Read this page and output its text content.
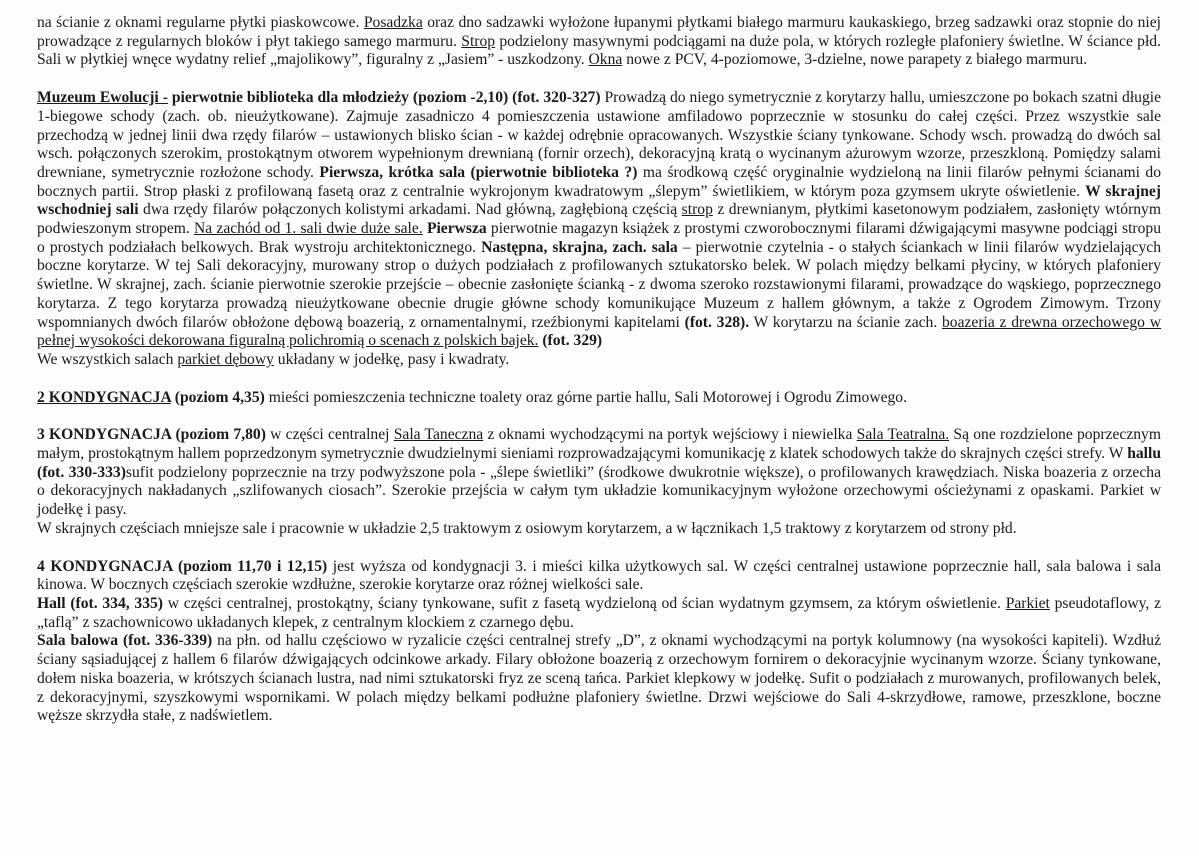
na ścianie z oknami regularne płytki piaskowcowe. Posadzka oraz dno sadzawki wyłożone łupanymi płytkami białego marmuru kaukaskiego, brzeg sadzawki oraz stopnie do niej prowadzące z regularnych bloków i płyt takiego samego marmuru. Strop podzielony masywnymi podciągami na duże pola, w których rozległe plafoniery świetlne. W ściance płd. Sali w płytkiej wnęce wydatny relief „majolikowy”, figuralny z „Jasiem” - uszkodzony. Okna nowe z PCV, 4-poziomowe, 3-dzielne, nowe parapety z białego marmuru.

Muzeum Ewolucji - pierwotnie biblioteka dla młodzieży (poziom -2,10) (fot. 320-327) Prowadzą do niego symetrycznie z korytarzy hallu, umieszczone po bokach szatni długie 1-biegowe schody (zach. ob. nieużytkowane). Zajmuje zasadniczo 4 pomieszczenia ustawione amfiladowo poprzecznie w stosunku do całej części. Przez wszystkie sale przechodzą w jednej linii dwa rzędy filarów – ustawionych blisko ścian - w każdej odrębnie opracowanych. Wszystkie ściany tynkowane. Schody wsch. prowadzą do dwóch sal wsch. połączonych szerokim, prostokątnym otworem wypełnionym drewnianą (fornir orzech), dekoracyjną kratą o wycinanym ażurowym wzorze, przeszkloną. Pomiędzy salami drewniane, symetrycznie rozłożone schody. Pierwsza, krótka sala (pierwotnie biblioteka ?) ma środkową część oryginalnie wydzieloną na linii filarów pełnymi ścianami do bocznych partii. Strop płaski z profilowaną fasetą oraz z centralnie wykrojonym kwadratowym „ślepym” świetlikiem, w którym poza gzymsem ukryte oświetlenie. W skrajnej wschodniej sali dwa rzędy filarów połączonych kolistymi arkadami. Nad główną, zagłębioną częścią strop z drewnianym, płytkimi kasetonowym podziałem, zasłonięty wtórnym podwieszonym stropem. Na zachód od 1. sali dwie duże sale. Pierwsza pierwotnie magazyn książek z prostymi czworobocznymi filarami dźwigającymi masywne podciągi stropu o prostych podziałach belkowych. Brak wystroju architektonicznego. Następna, skrajna, zach. sala – pierwotnie czytelnia - o stałych ściankach w linii filarów wydzielających boczne korytarze. W tej Sali dekoracyjny, murowany strop o dużych podziałach z profilowanych sztukatorsko belek. W polach między belkami płyciny, w których plafoniery świetlne. W skrajnej, zach. ścianie pierwotnie szerokie przejście – obecnie zasłonięte ścianką - z dwoma szeroko rozstawionymi filarami, prowadzące do wąskiego, poprzecznego korytarza. Z tego korytarza prowadzą nieużytkowane obecnie drugie główne schody komunikujące Muzeum z hallem głównym, a także z Ogrodem Zimowym. Trzony wspomnianych dwóch filarów obłożone dębową boazerią, z ornamentalnymi, rzeźbionymi kapitelami (fot. 328). W korytarzu na ścianie zach. boazeria z drewna orzechowego w pełnej wysokości dekorowana figuralną polichromią o scenach z polskich bajek. (fot. 329)

We wszystkich salach parkiet dębowy układany w jodełkę, pasy i kwadraty.

2 KONDYGNACJA (poziom 4,35) mieści pomieszczenia techniczne toalety oraz górne partie hallu, Sali Motorowej i Ogrodu Zimowego.

3 KONDYGNACJA (poziom 7,80) w części centralnej Sala Taneczna z oknami wychodzącymi na portyk wejściowy i niewielka Sala Teatralna. Są one rozdzielone poprzecznym małym, prostokątnym hallem poprzedzonym symetrycznie dwudzielnymi sieniami rozprowadzającymi komunikację z klatek schodowych także do skrajnych części strefy. W hallu (fot. 330-333)sufit podzielony poprzecznie na trzy podwyższone pola - „ślepe świetliki” (środkowe dwukrotnie większe), o profilowanych krawędziach. Niska boazeria z orzecha o dekoracyjnych nakładanych „szlifowanych ciosach”. Szerokie przejścia w całym tym układzie komunikacyjnym wyłożone orzechowymi ościeżynami z opaskami. Parkiet w jodełkę i pasy.

W skrajnych częściach mniejsze sale i pracownie w układzie 2,5 traktowym z osiowym korytarzem, a w łącznikach 1,5 traktowy z korytarzem od strony płd.

4 KONDYGNACJA (poziom 11,70 i 12,15) jest wyższa od kondygnacji 3. i mieści kilka użytkowych sal. W części centralnej ustawione poprzecznie hall, sala balowa i sala kinowa. W bocznych częściach szerokie wzdłużne, szerokie korytarze oraz różnej wielkości sale.

Hall (fot. 334, 335) w części centralnej, prostokątny, ściany tynkowane, sufit z fasetą wydzieloną od ścian wydatnym gzymsem, za którym oświetlenie. Parkiet pseudotaflowy, z „taflą” z szachownicowo układanych klepek, z centralnym klockiem z czarnego dębu.

Sala balowa (fot. 336-339) na płn. od hallu częściowo w ryzalicie części centralnej strefy „D”, z oknami wychodzącymi na portyk kolumnowy (na wysokości kapiteli). Wzdłuż ściany sąsiadującej z hallem 6 filarów dźwigających odcinkowe arkady. Filary obłożone boazerią z orzechowym fornirem o dekoracyjnie wycinanym wzorze. Ściany tynkowane, dołem niska boazeria, w krótszych ścianach lustra, nad nimi sztukatorski fryz ze sceną tańca. Parkiet klepkowy w jodełkę. Sufit o podziałach z murowanych, profilowanych belek, z dekoracyjnymi, szyszkowymi wspornikami. W polach między belkami podłużne plafoniery świetlne. Drzwi wejściowe do Sali 4-skrzydłowe, ramowe, przeszklone, boczne węższe skrzydła stałe, z nadświetlem.
